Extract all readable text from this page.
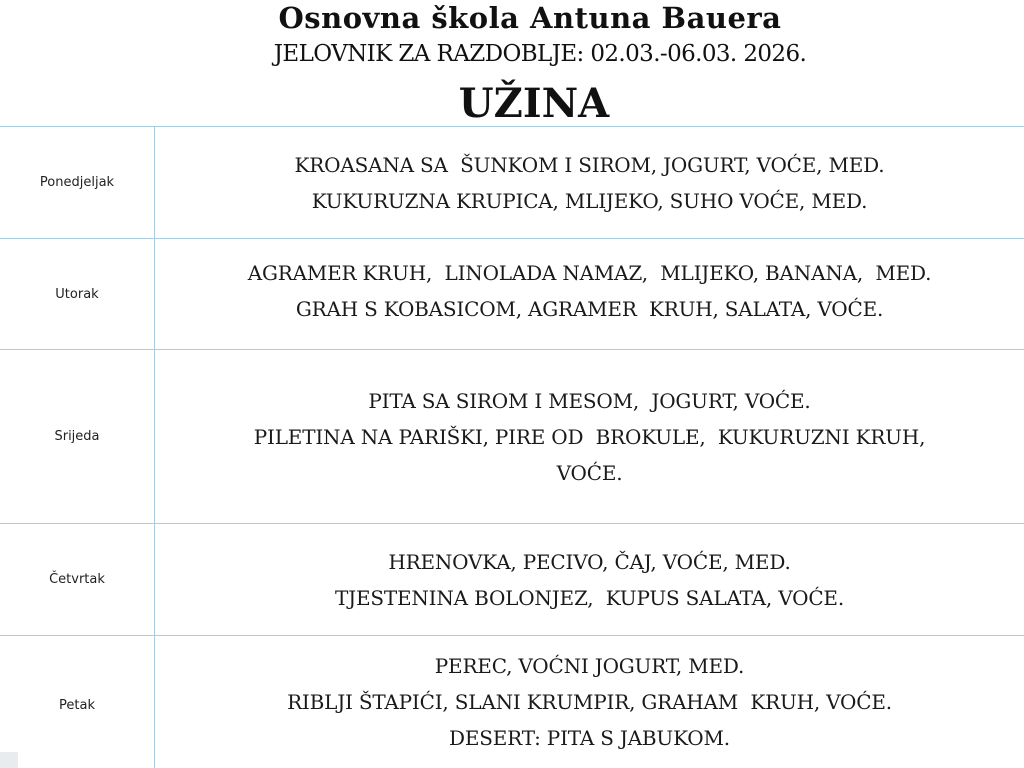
Osnovna škola Antuna Bauera
JELOVNIK ZA RAZDOBLJE: 02.03.-06.03. 2026.
UŽINA
Ponedjeljak	KROASANA SA  ŠUNKOM I SIROM, JOGURT, VOĆE, MED.
KUKURUZNA KRUPICA, MLIJEKO, SUHO VOĆE, MED.

Utorak	AGRAMER KRUH,  LINOLADA NAMAZ,  MLIJEKO, BANANA,  MED.
GRAH S KOBASICOM, AGRAMER  KRUH, SALATA, VOĆE.

Srijeda	PITA SA SIROM I MESOM,  JOGURT, VOĆE.
PILETINA NA PARIŠKI, PIRE OD  BROKULE,  KUKURUZNI KRUH,
VOĆE.

Četvrtak	HRENOVKA, PECIVO, ČAJ, VOĆE, MED.
TJESTENINA BOLONJEZ,  KUPUS SALATA, VOĆE.

Petak	PEREC, VOĆNI JOGURT, MED.
RIBLJI ŠTAPIĆI, SLANI KRUMPIR, GRAHAM  KRUH, VOĆE.
DESERT: PITA S JABUKOM.
